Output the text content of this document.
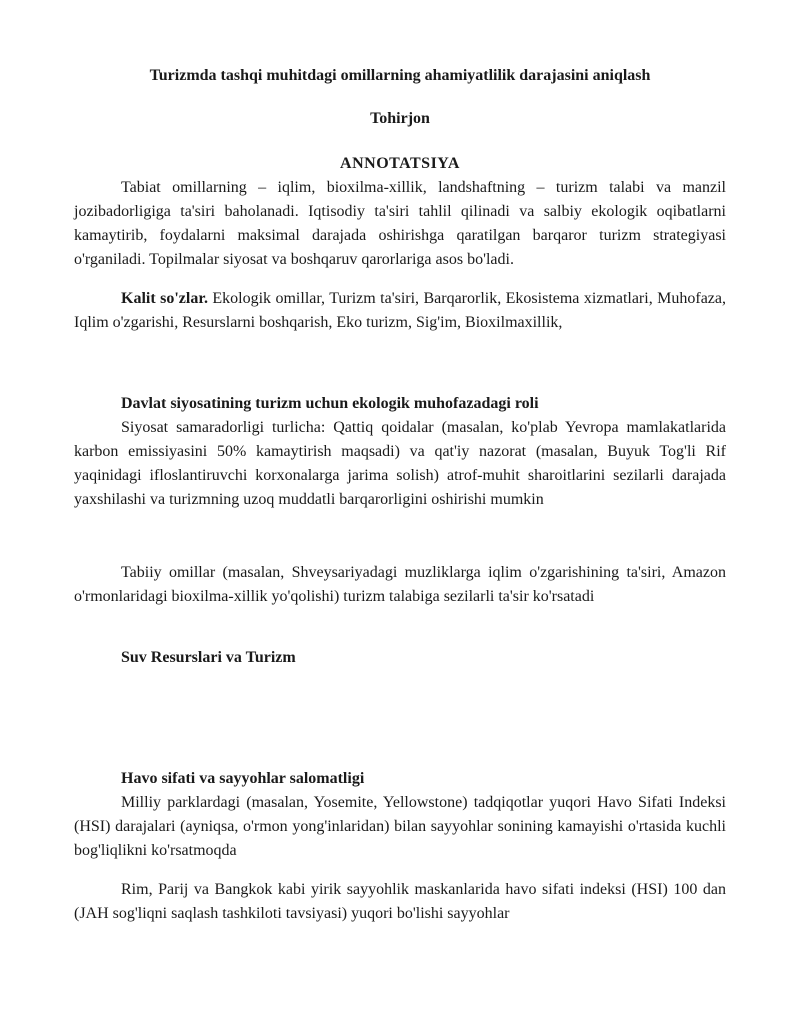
Turizmda tashqi muhitdagi omillarning ahamiyatlilik darajasini aniqlash

Tohirjon

ANNOTATSIYA

Tabiat omillarning – iqlim, bioxilma-xillik, landshaftning – turizm talabi va manzil jozibadorligiga ta'siri baholanadi. Iqtisodiy ta'siri tahlil qilinadi va salbiy ekologik oqibatlarni kamaytirib, foydalarni maksimal darajada oshirishga qaratilgan barqaror turizm strategiyasi o'rganiladi. Topilmalar siyosat va boshqaruv qarorlariga asos bo'ladi.

Kalit so'zlar. Ekologik omillar, Turizm ta'siri, Barqarorlik, Ekosistema xizmatlari, Muhofaza, Iqlim o'zgarishi, Resurslarni boshqarish, Eko turizm, Sig'im, Bioxilmaxillik,

Davlat siyosatining turizm uchun ekologik muhofazadagi roli

Siyosat samaradorligi turlicha: Qattiq qoidalar (masalan, ko'plab Yevropa mamlakatlarida karbon emissiyasini 50% kamaytirish maqsadi) va qat'iy nazorat (masalan, Buyuk Tog'li Rif yaqinidagi ifloslantiruvchi korxonalarga jarima solish) atrof-muhit sharoitlarini sezilarli darajada yaxshilashi va turizmning uzoq muddatli barqarorligini oshirishi mumkin

Tabiiy omillar (masalan, Shveysariyadagi muzliklarga iqlim o'zgarishining ta'siri, Amazon o'rmonlaridagi bioxilma-xillik yo'qolishi) turizm talabiga sezilarli ta'sir ko'rsatadi

Suv Resurslari va Turizm

Havo sifati va sayyohlar salomatligi

Milliy parklardagi (masalan, Yosemite, Yellowstone) tadqiqotlar yuqori Havo Sifati Indeksi (HSI) darajalari (ayniqsa, o'rmon yong'inlaridan) bilan sayyohlar sonining kamayishi o'rtasida kuchli bog'liqlikni ko'rsatmoqda

Rim, Parij va Bangkok kabi yirik sayyohlik maskanlarida havo sifati indeksi (HSI) 100 dan (JAH sog'liqni saqlash tashkiloti tavsiyasi) yuqori bo'lishi sayyohlar
